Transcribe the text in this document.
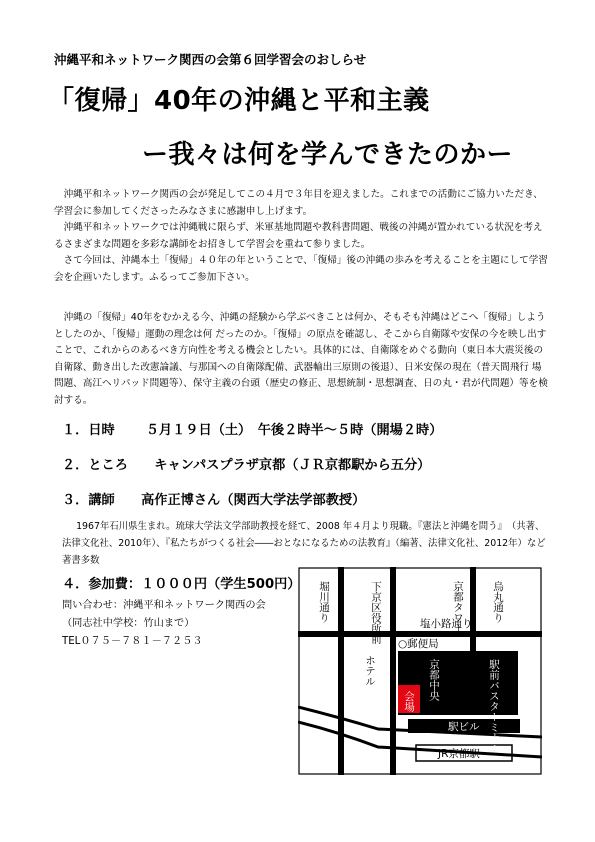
沖縄平和ネットワーク関西の会第６回学習会のおしらせ
「復帰」40年の沖縄と平和主義
ー我々は何を学んできたのかー

沖縄平和ネットワーク関西の会が発足してこの４月で３年目を迎えました。これまでの活動にご協力いただき、学習会に参加してくださったみなさまに感謝申し上げます。

沖縄平和ネットワークでは沖縄戦に限らず、米軍基地問題や教科書問題、戦後の沖縄が置かれている状況を考えるさまざまな問題を多彩な講師をお招きして学習会を重ねて参りました。

さて今回は、沖縄本土「復帰」４０年の年ということで、「復帰」後の沖縄の歩みを考えることを主題にして学習会を企画いたします。ふるってご参加下さい。

沖縄の「復帰」40年をむかえる今、沖縄の経験から学ぶべきことは何か、そもそも沖縄はどこへ「復帰」しようとしたのか、「復帰」運動の理念は何 だったのか。「復帰」の原点を確認し、そこから自衛隊や安保の今を映し出すことで、これからのあるべき方向性を考える機会としたい。具体的には、自衛隊をめぐる動向（東日本大震災後の自衛隊、動き出した改憲論議、与那国への自衛隊配備、武器輸出三原則の後退）、日米安保の現在（普天間飛行 場問題、高江ヘリパッド問題等）、保守主義の台頭（歴史の修正、思想統制・思想調査、日の丸・君が代問題）等を検討する。

１．日時　　 ５月１９日（土）　午後２時半～５時（開場２時）
２．ところ　　キャンパスプラザ京都（ＪＲ京都駅から五分）
３．講師　　高作正博さん（関西大学法学部教授）

1967年石川県生まれ。琉球大学法文学部助教授を経て、2008 年４月より現職。『憲法と沖縄を問う』　（共著、法律文化社、2010年）、『私たちがつくる社会――おとなになるための法教育』（編著、法律文化社、2012年）など著書多数

４．参加費：１０００円（学生500円）
問い合わせ：沖縄平和ネットワーク関西の会
（同志社中学校：竹山まで）
TEL０７５－７８１－７２５３
堀川通り	下京区役所前	京都タワー	烏丸通り
塩小路通り
○郵便局
ホテル	京都中央	駅前バスターミナル
会場
駅ビル
JR京都駅
